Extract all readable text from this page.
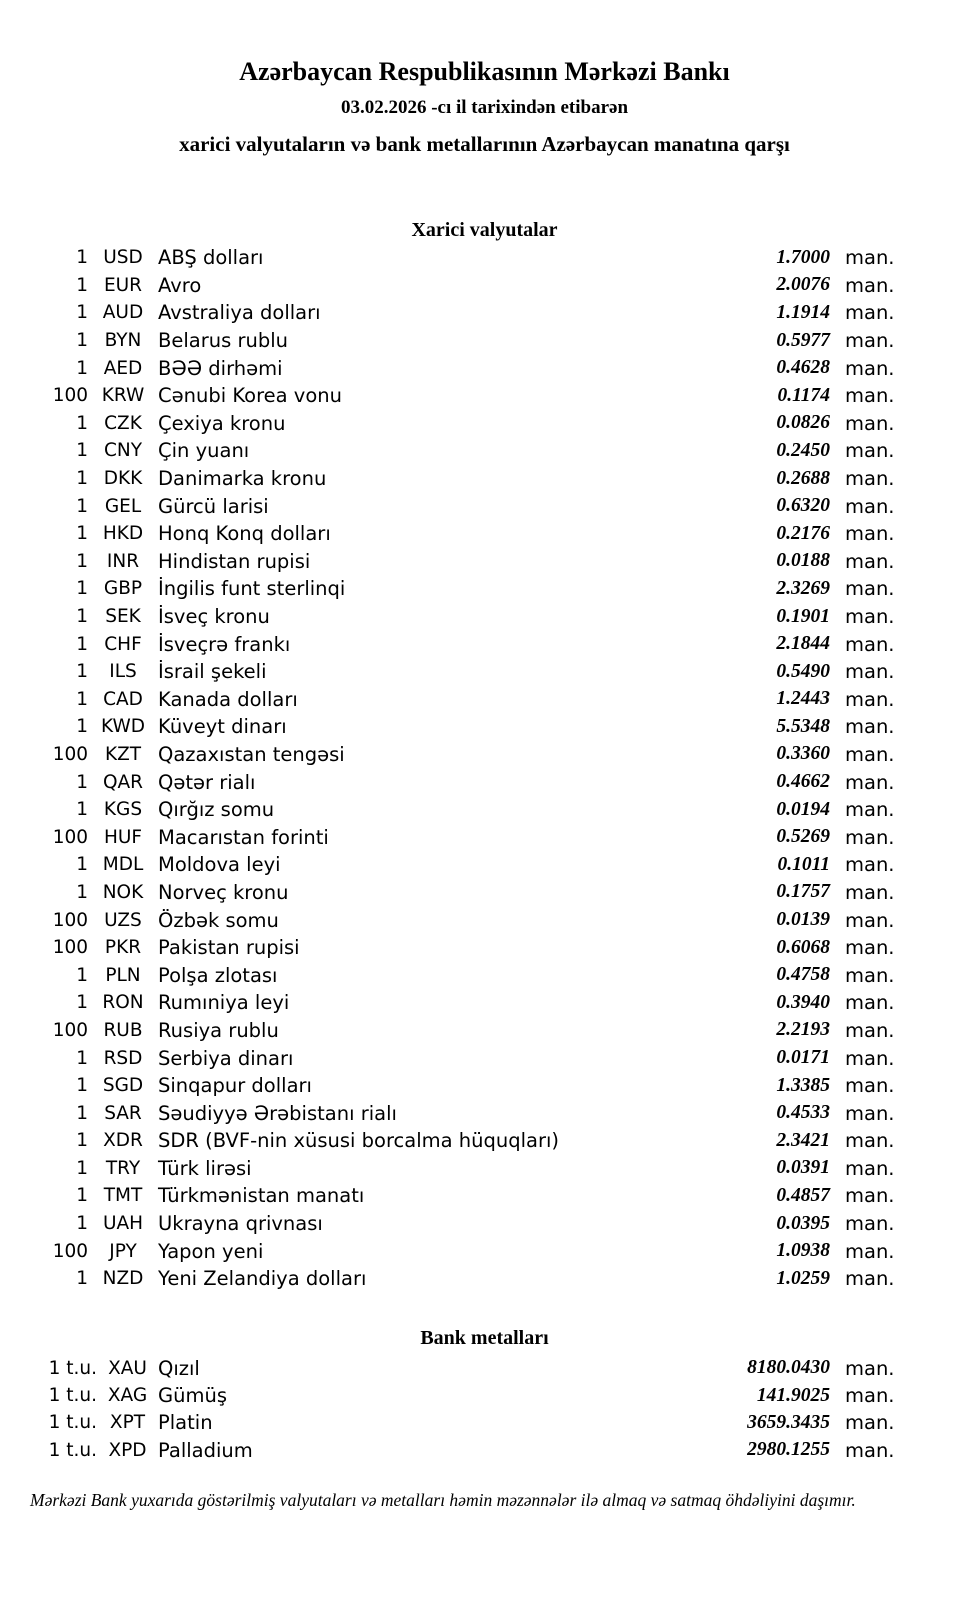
Azərbaycan Respublikasının Mərkəzi Bankı
03.02.2026 -cı il tarixindən etibarən
xarici valyutaların və bank metallarının Azərbaycan manatına qarşı
Xarici valyutalar
1 USD ABŞ dolları	1.7000 man.
1 EUR Avro	2.0076 man.
1 AUD Avstraliya dolları	1.1914 man.
1 BYN Belarus rublu	0.5977 man.
1 AED BƏƏ dirhəmi	0.4628 man.
100 KRW Cənubi Korea vonu	0.1174 man.
1 CZK Çexiya kronu	0.0826 man.
1 CNY Çin yuanı	0.2450 man.
1 DKK Danimarka kronu	0.2688 man.
1 GEL Gürcü larisi	0.6320 man.
1 HKD Honq Konq dolları	0.2176 man.
1	INR Hindistan rupisi	0.0188 man.
1 GBP İngilis funt sterlinqi	2.3269 man.
1 SEK İsveç kronu	0.1901 man.
1 CHF İsveçrə frankı	2.1844 man.
1	ILS	İsrail şekeli	0.5490 man.
1 CAD Kanada dolları	1.2443 man.
1 KWD Küveyt dinarı	5.5348 man.
100 KZT Qazaxıstan tengəsi	0.3360 man.
1 QAR Qətər rialı	0.4662 man.
1 KGS Qırğız somu	0.0194 man.
100 HUF Macarıstan forinti	0.5269 man.
1 MDL Moldova leyi	0.1011 man.
1 NOK Norveç kronu	0.1757 man.
100 UZS Özbək somu	0.0139 man.
100 PKR Pakistan rupisi	0.6068 man.
1 PLN Polşa zlotası	0.4758 man.
1 RON Rumıniya leyi	0.3940 man.
100 RUB Rusiya rublu	2.2193 man.
1 RSD Serbiya dinarı	0.0171 man.
1 SGD Sinqapur dolları	1.3385 man.
1 SAR Səudiyyə Ərəbistanı rialı	0.4533 man.
1 XDR SDR (BVF-nin xüsusi borcalma hüquqları)	2.3421 man.
1 TRY Türk lirəsi	0.0391 man.
1 TMT Türkmənistan manatı	0.4857 man.
1 UAH Ukrayna qrivnası	0.0395 man.
100	JPY	Yapon yeni	1.0938 man.
1 NZD Yeni Zelandiya dolları	1.0259 man.
Bank metalları
1 t.u. XAU Qızıl	8180.0430 man.
1 t.u. XAG Gümüş	141.9025 man.
1 t.u. XPT Platin	3659.3435 man.
1 t.u. XPD Palladium	2980.1255 man.
Mərkəzi Bank yuxarıda göstərilmiş valyutaları və metalları həmin məzənnələr ilə almaq və satmaq öhdəliyini daşımır.
